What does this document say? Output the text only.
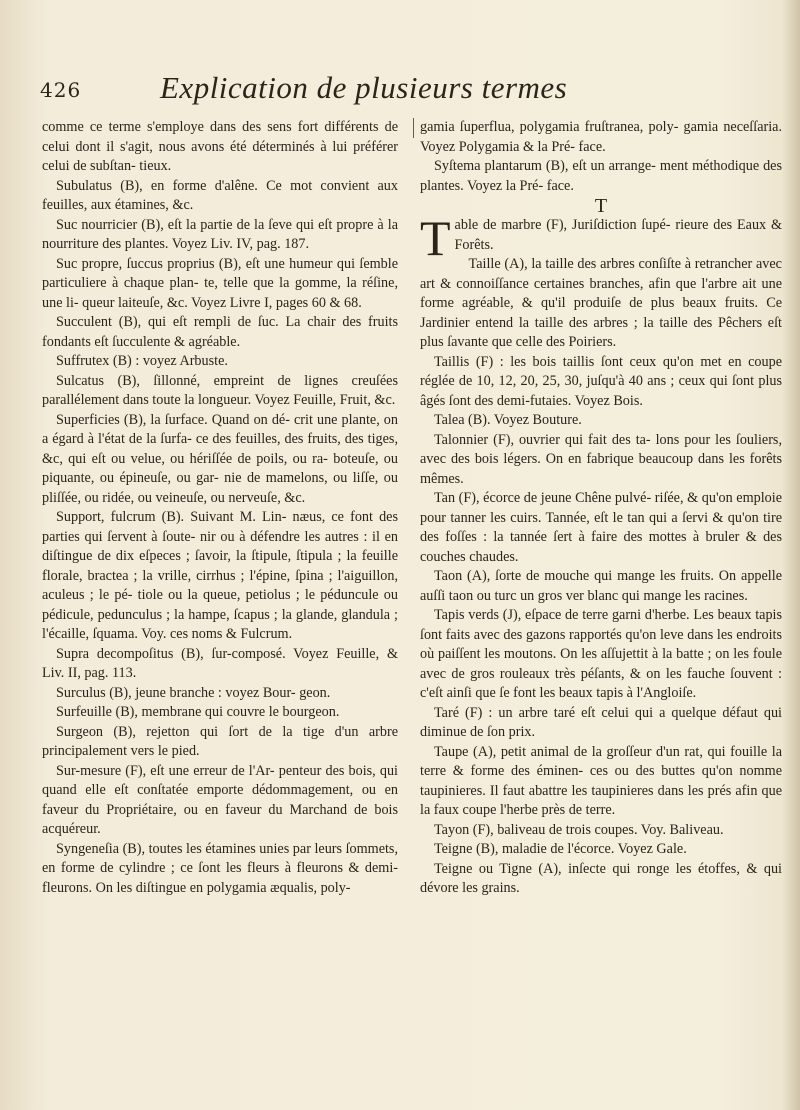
426	Explication de plusieurs termes

comme ce terme s'employe dans des sens fort différents de celui dont il s'agit, nous avons été déterminés à lui préférer celui de subſtan- tieux.

Subulatus (B), en forme d'alêne. Ce mot convient aux feuilles, aux étamines, &c.

Suc nourricier (B), eſt la partie de la ſeve qui eſt propre à la nourriture des plantes. Voyez Liv. IV, pag. 187.

Suc propre, ſuccus proprius (B), eſt une humeur qui ſemble particuliere à chaque plan- te, telle que la gomme, la réſine, une li- queur laiteuſe, &c. Voyez Livre I, pages 60 & 68.

Succulent (B), qui eſt rempli de ſuc. La chair des fruits fondants eſt ſucculente & agréable.

Suffrutex (B) : voyez Arbuste.

Sulcatus (B), ſillonné, empreint de lignes creuſées parallélement dans toute la longueur. Voyez Feuille, Fruit, &c.

Superficies (B), la ſurface. Quand on dé- crit une plante, on a égard à l'état de la ſurfa- ce des feuilles, des fruits, des tiges, &c, qui eſt ou velue, ou hériſſée de poils, ou ra- boteuſe, ou piquante, ou épineuſe, ou gar- nie de mamelons, ou liſſe, ou pliſſée, ou ridée, ou veineuſe, ou nerveuſe, &c.

Support, fulcrum (B). Suivant M. Lin- næus, ce font des parties qui ſervent à ſoute- nir ou à défendre les autres : il en diſtingue de dix eſpeces ; ſavoir, la ſtipule, ſtipula ; la feuille florale, bractea ; la vrille, cirrhus ; l'épine, ſpina ; l'aiguillon, aculeus ; le pé- tiole ou la queue, petiolus ; le péduncule ou pédicule, pedunculus ; la hampe, ſcapus ; la glande, glandula ; l'écaille, ſquama. Voy. ces noms & Fulcrum.

Supra decompoſitus (B), ſur-composé. Voyez Feuille, & Liv. II, pag. 113.

Surculus (B), jeune branche : voyez Bour- geon.

Surfeuille (B), membrane qui couvre le bourgeon.

Surgeon (B), rejetton qui ſort de la tige d'un arbre principalement vers le pied.

Sur-mesure (F), eſt une erreur de l'Ar- penteur des bois, qui quand elle eſt conſtatée emporte dédommagement, ou en faveur du Propriétaire, ou en faveur du Marchand de bois acquéreur.

Syngeneſia (B), toutes les étamines unies par leurs ſommets, en forme de cylindre ; ce ſont les fleurs à fleurons & demi-fleurons. On les diſtingue en polygamia æqualis, poly-

gamia ſuperflua, polygamia fruſtranea, poly- gamia neceſſaria. Voyez Polygamia & la Pré- face.

Syſtema plantarum (B), eſt un arrange- ment méthodique des plantes. Voyez la Pré- face.

T

Table de marbre (F), Juriſdiction ſupé- rieure des Eaux & Forêts.

Taille (A), la taille des arbres conſiſte à retrancher avec art & connoiſſance certaines branches, afin que l'arbre ait une forme agréable, & qu'il produiſe de plus beaux fruits. Ce Jardinier entend la taille des arbres ; la taille des Pêchers eſt plus ſavante que celle des Poiriers.

Taillis (F) : les bois taillis ſont ceux qu'on met en coupe réglée de 10, 12, 20, 25, 30, juſqu'à 40 ans ; ceux qui ſont plus âgés ſont des demi-futaies. Voyez Bois.

Talea (B). Voyez Bouture.

Talonnier (F), ouvrier qui fait des ta- lons pour les ſouliers, avec des bois légers. On en fabrique beaucoup dans les forêts mêmes.

Tan (F), écorce de jeune Chêne pulvé- riſée, & qu'on emploie pour tanner les cuirs. Tannée, eſt le tan qui a ſervi & qu'on tire des foſſes : la tannée ſert à faire des mottes à bruler & des couches chaudes.

Taon (A), ſorte de mouche qui mange les fruits. On appelle auſſi taon ou turc un gros ver blanc qui mange les racines.

Tapis verds (J), eſpace de terre garni d'herbe. Les beaux tapis ſont faits avec des gazons rapportés qu'on leve dans les endroits où paiſſent les moutons. On les aſſujettit à la batte ; on les foule avec de gros rouleaux très péſants, & on les fauche ſouvent : c'eſt ainſi que ſe font les beaux tapis à l'Angloiſe.

Taré (F) : un arbre taré eſt celui qui a quelque défaut qui diminue de ſon prix.

Taupe (A), petit animal de la groſſeur d'un rat, qui fouille la terre & forme des éminen- ces ou des buttes qu'on nomme taupinieres. Il faut abattre les taupinieres dans les prés afin que la faux coupe l'herbe près de terre.

Tayon (F), baliveau de trois coupes. Voy. Baliveau.

Teigne (B), maladie de l'écorce. Voyez Gale.

Teigne ou Tigne (A), inſecte qui ronge les étoffes, & qui dévore les grains.
